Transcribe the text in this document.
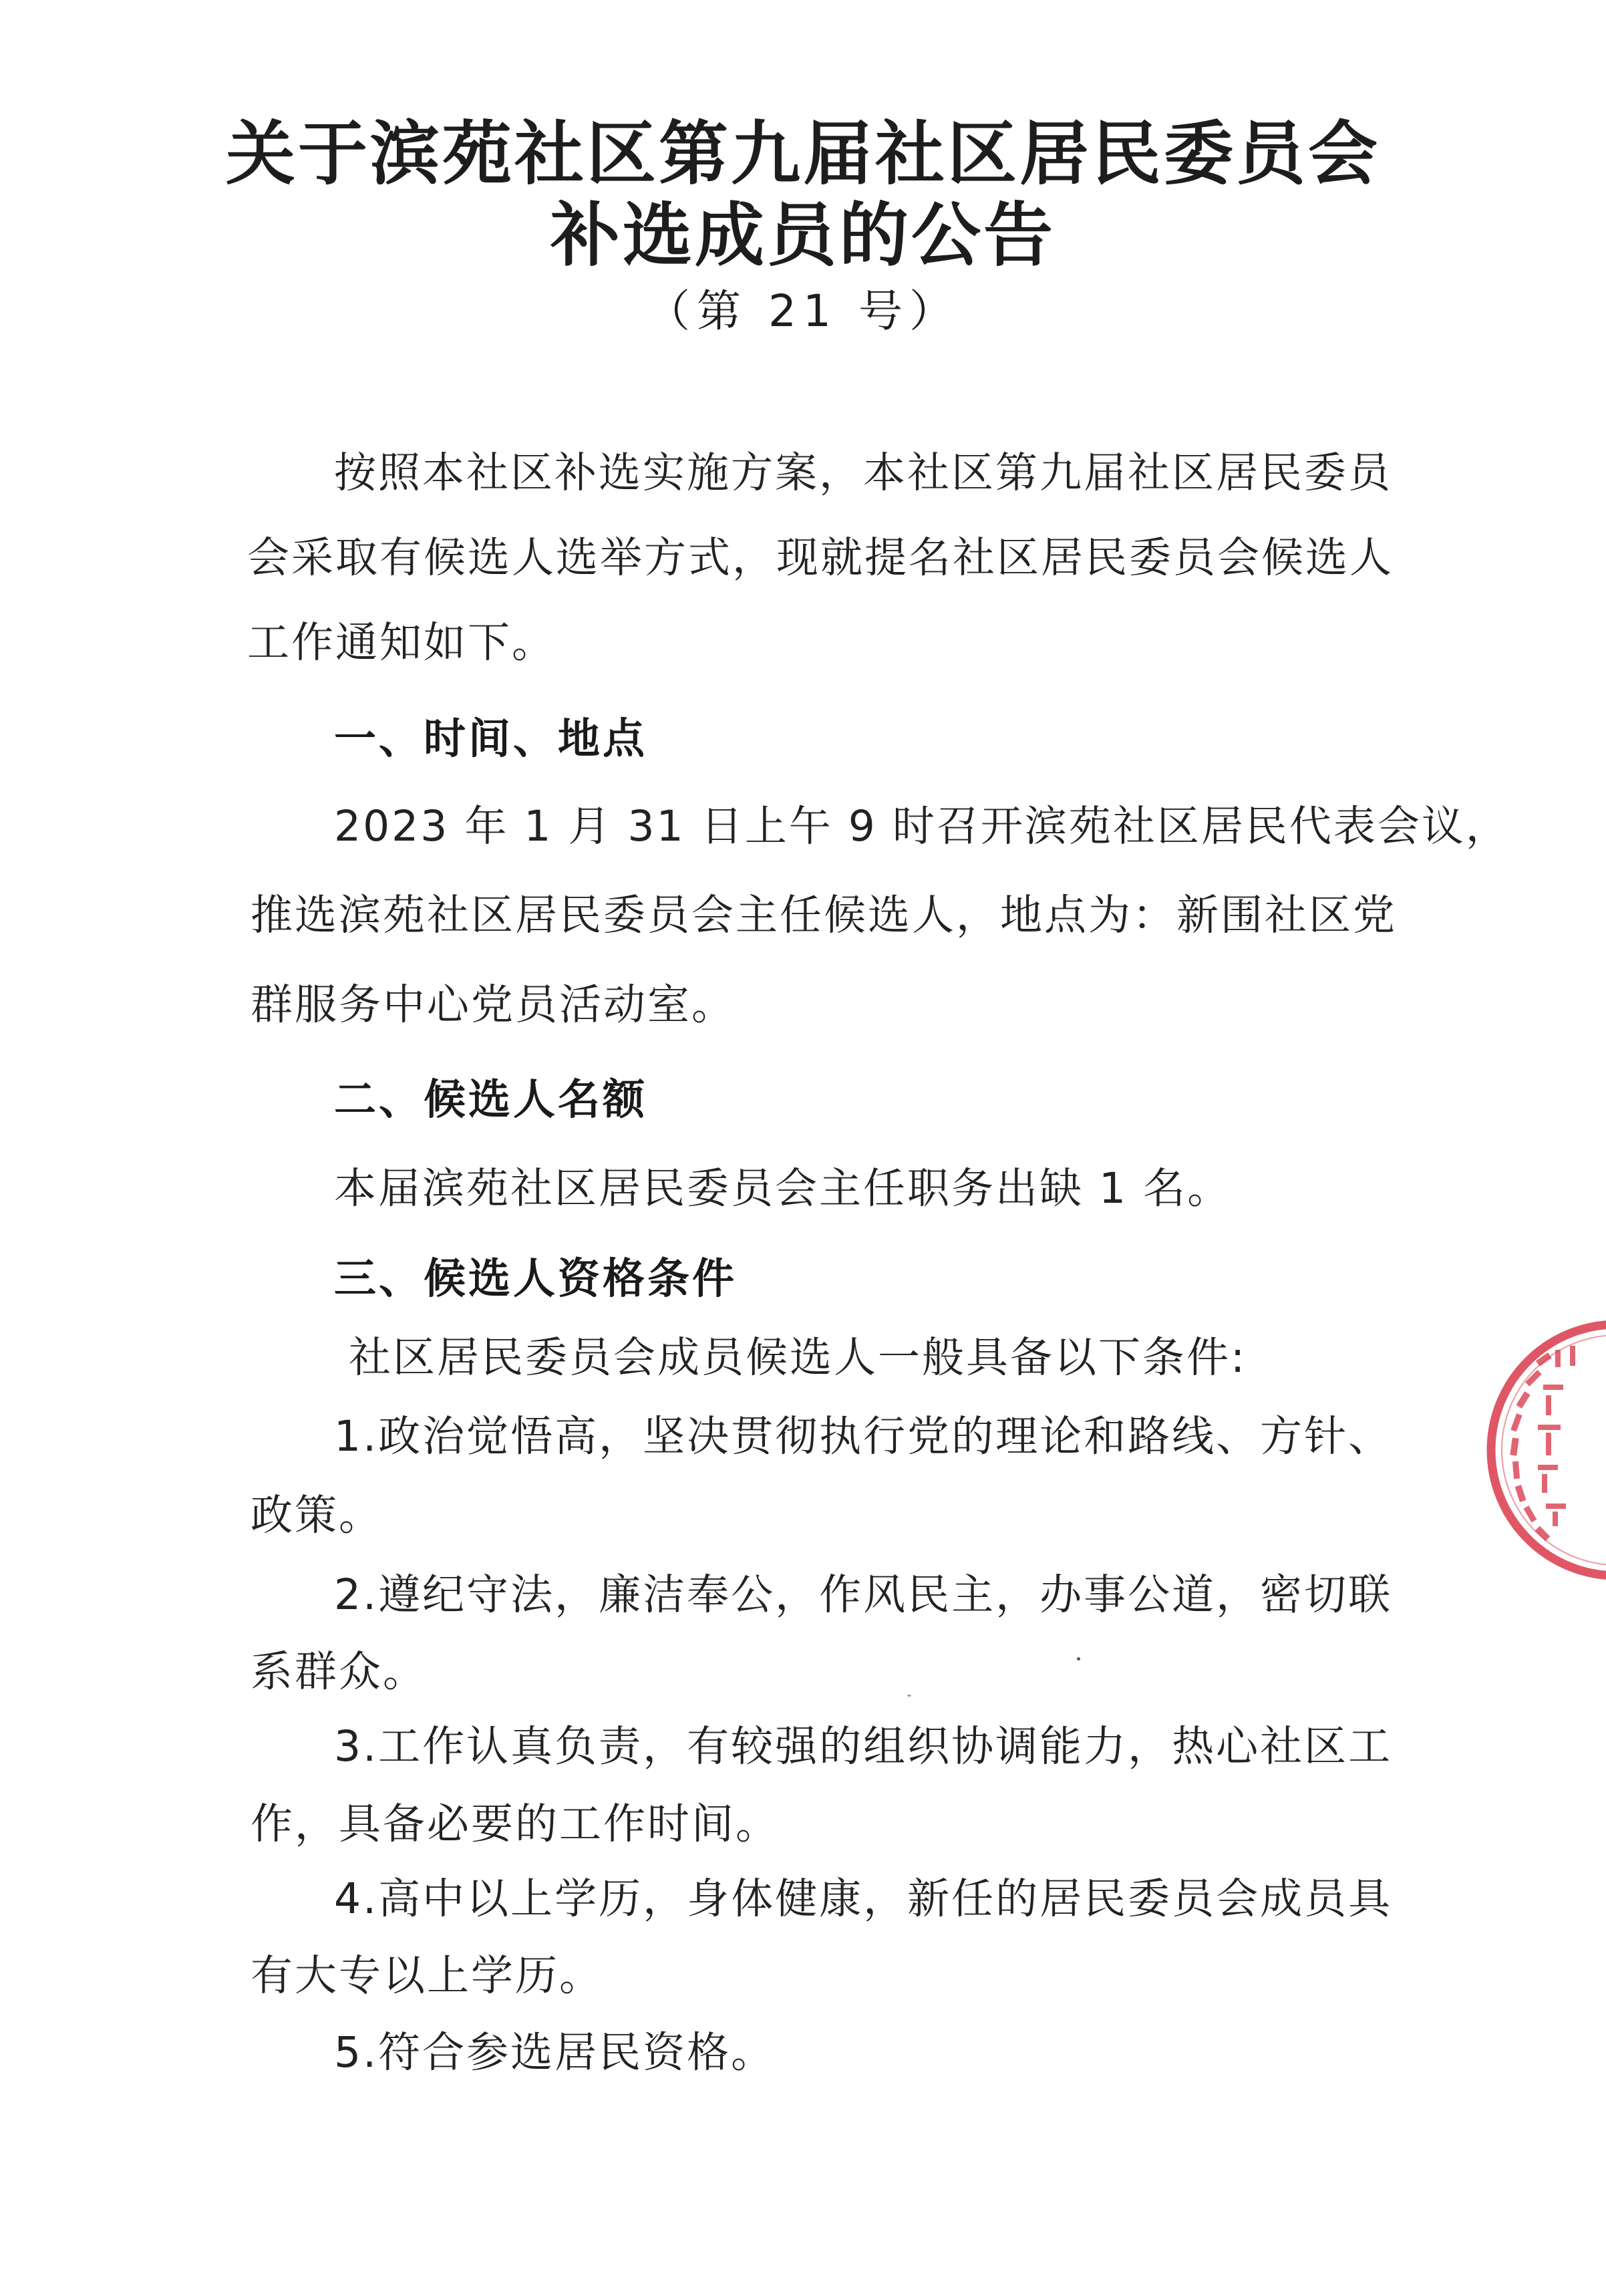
关于滨苑社区第九届社区居民委员会
补选成员的公告
（第 21 号）
按照本社区补选实施方案，本社区第九届社区居民委员
会采取有候选人选举方式，现就提名社区居民委员会候选人
工作通知如下。
一、时间、地点
2023 年 1 月 31 日上午 9 时召开滨苑社区居民代表会议，
推选滨苑社区居民委员会主任候选人，地点为：新围社区党
群服务中心党员活动室。
二、候选人名额
本届滨苑社区居民委员会主任职务出缺 1 名。
三、候选人资格条件
社区居民委员会成员候选人一般具备以下条件:
1.政治觉悟高，坚决贯彻执行党的理论和路线、方针、
政策。
2.遵纪守法，廉洁奉公，作风民主，办事公道，密切联
系群众。
3.工作认真负责，有较强的组织协调能力，热心社区工
作，具备必要的工作时间。
4.高中以上学历，身体健康，新任的居民委员会成员具
有大专以上学历。
5.符合参选居民资格。
